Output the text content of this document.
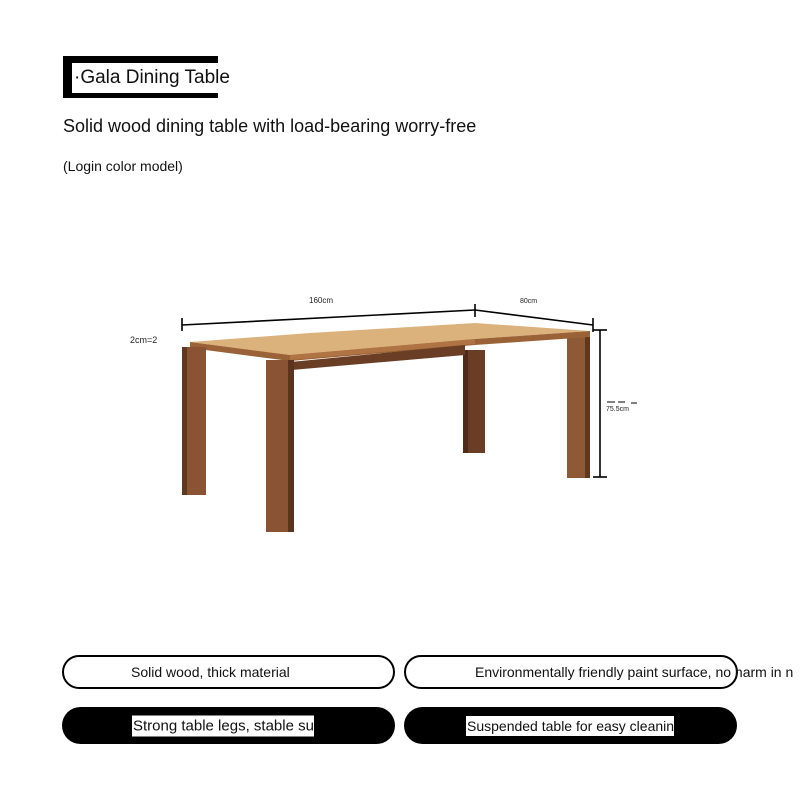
·Gala Dining Table
Solid wood dining table with load-bearing worry-free
(Login color model)
160cm	80cm
2cm=2
75.5cm
Solid wood, thick material	Environmentally friendly paint surface, no harm in n
Strong table legs, stable su	Suspended table for easy cleanin
